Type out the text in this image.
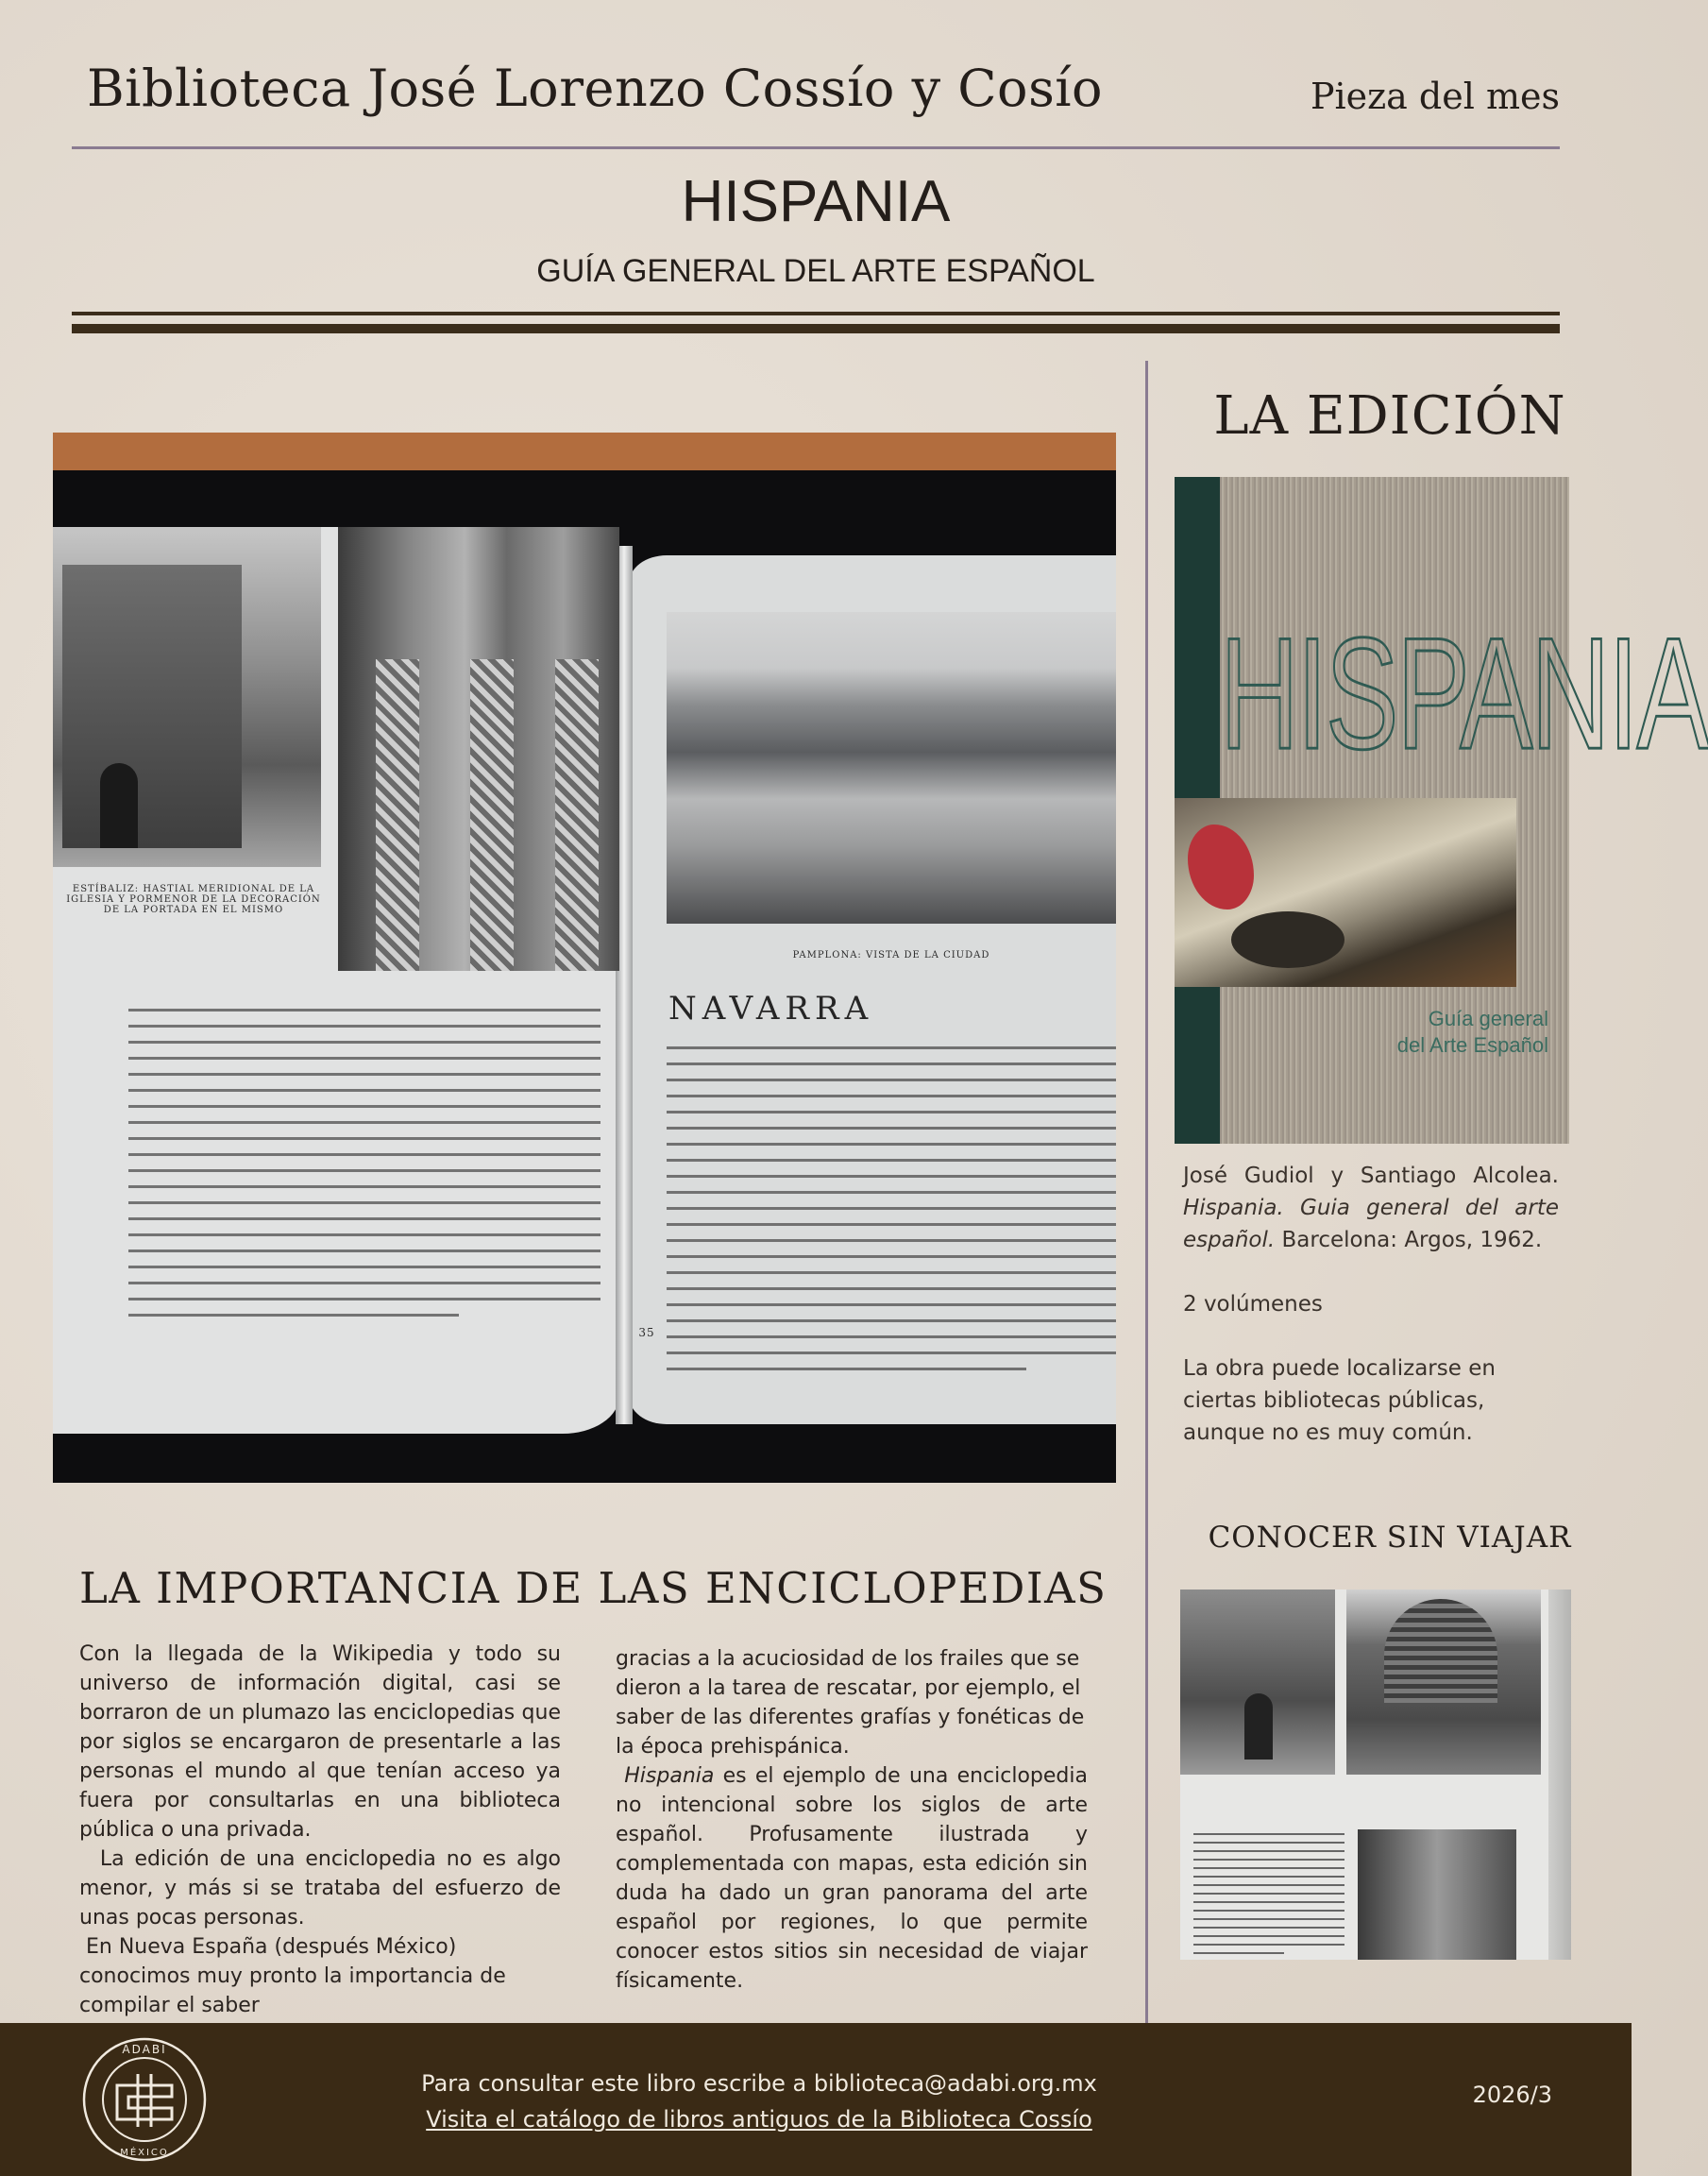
Biblioteca José Lorenzo Cossío y Cosío	Pieza del mes
HISPANIA
GUÍA GENERAL DEL ARTE ESPAÑOL
ESTÍBALIZ: HASTIAL MERIDIONAL DE LA IGLESIA Y PORMENOR DE LA DECORACIÓN DE LA PORTADA EN EL MISMO
PAMPLONA: VISTA DE LA CIUDAD
NAVARRA
35
LA EDICIÓN
HISPANIA
Guía general
del Arte Español

José Gudiol y Santiago Alcolea. Hispania. Guia general del arte español. Barcelona: Argos, 1962.

2 volúmenes

La obra puede localizarse en ciertas bibliotecas públicas, aunque no es muy común.

CONOCER SIN VIAJAR
LA IMPORTANCIA DE LAS ENCICLOPEDIAS

Con la llegada de la Wikipedia y todo su universo de información digital, casi se borraron de un plumazo las enciclopedias que por siglos se encargaron de presentarle a las personas el mundo al que tenían acceso ya fuera por consultarlas en una biblioteca pública o una privada.

La edición de una enciclopedia no es algo menor, y más si se trataba del esfuerzo de unas pocas personas.

En Nueva España (después México) conocimos muy pronto la importancia de compilar el saber

gracias a la acuciosidad de los frailes que se dieron a la tarea de rescatar, por ejemplo, el saber de las diferentes grafías y fonéticas de la época prehispánica.

Hispania es el ejemplo de una enciclopedia no intencional sobre los siglos de arte español. Profusamente ilustrada y complementada con mapas, esta edición sin duda ha dado un gran panorama del arte español por regiones, lo que permite conocer estos sitios sin necesidad de viajar físicamente.

ADABI
MÉXICO
Para consultar este libro escribe a biblioteca@adabi.org.mx
Visita el catálogo de libros antiguos de la Biblioteca Cossío
2026/3
